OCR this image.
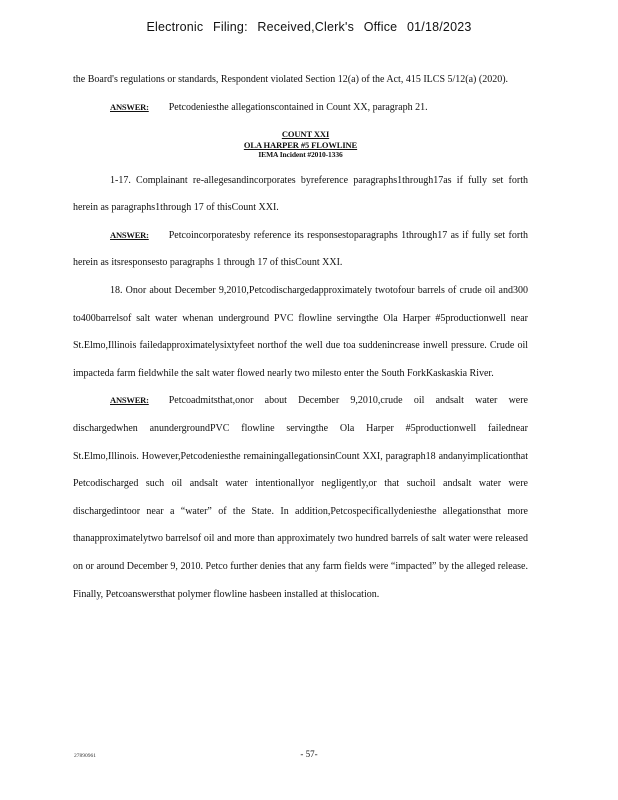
Electronic Filing: Received,Clerk's Office 01/18/2023

the Board's regulations or standards, Respondent violated Section 12(a) of the Act, 415 ILCS 5/12(a) (2020).

ANSWER: Petcodeniesthe allegationscontained in Count XX, paragraph 21.

COUNT XXI
OLA HARPER #5 FLOWLINE
IEMA Incident #2010-1336

1-17. Complainant re-allegesandincorporates byreference paragraphs1through17as if fully set forth herein as paragraphs1through 17 of thisCount XXI.

ANSWER: Petcoincorporatesby reference its responsestoparagraphs 1through17 as if fully set forth herein as itsresponsesto paragraphs 1 through 17 of thisCount XXI.

18. Onor about December 9,2010,Petcodischargedapproximately twotofour barrels of crude oil and300 to400barrelsof salt water whenan underground PVC flowline servingthe Ola Harper #5productionwell near St.Elmo,Illinois failedapproximatelysixtyfeet northof the well due toa suddenincrease inwell pressure. Crude oil impacteda farm fieldwhile the salt water flowed nearly two milesto enter the South ForkKaskaskia River.

ANSWER: Petcoadmitsthat,onor about December 9,2010,crude oil andsalt water were dischargedwhen anundergroundPVC flowline servingthe Ola Harper #5productionwell failednear St.Elmo,Illinois. However,Petcodeniesthe remainingallegationsinCount XXI, paragraph18 andanyimplicationthat Petcodischarged such oil andsalt water intentionallyor negligently,or that suchoil andsalt water were dischargedintoor near a “water” of the State. In addition,Petcospecificallydeniesthe allegationsthat more thanapproximatelytwo barrelsof oil and more than approximately two hundred barrels of salt water were released on or around December 9, 2010. Petco further denies that any farm fields were “impacted” by the alleged release. Finally, Petcoanswersthat polymer flowline hasbeen installed at thislocation.

27890961	- 57-
